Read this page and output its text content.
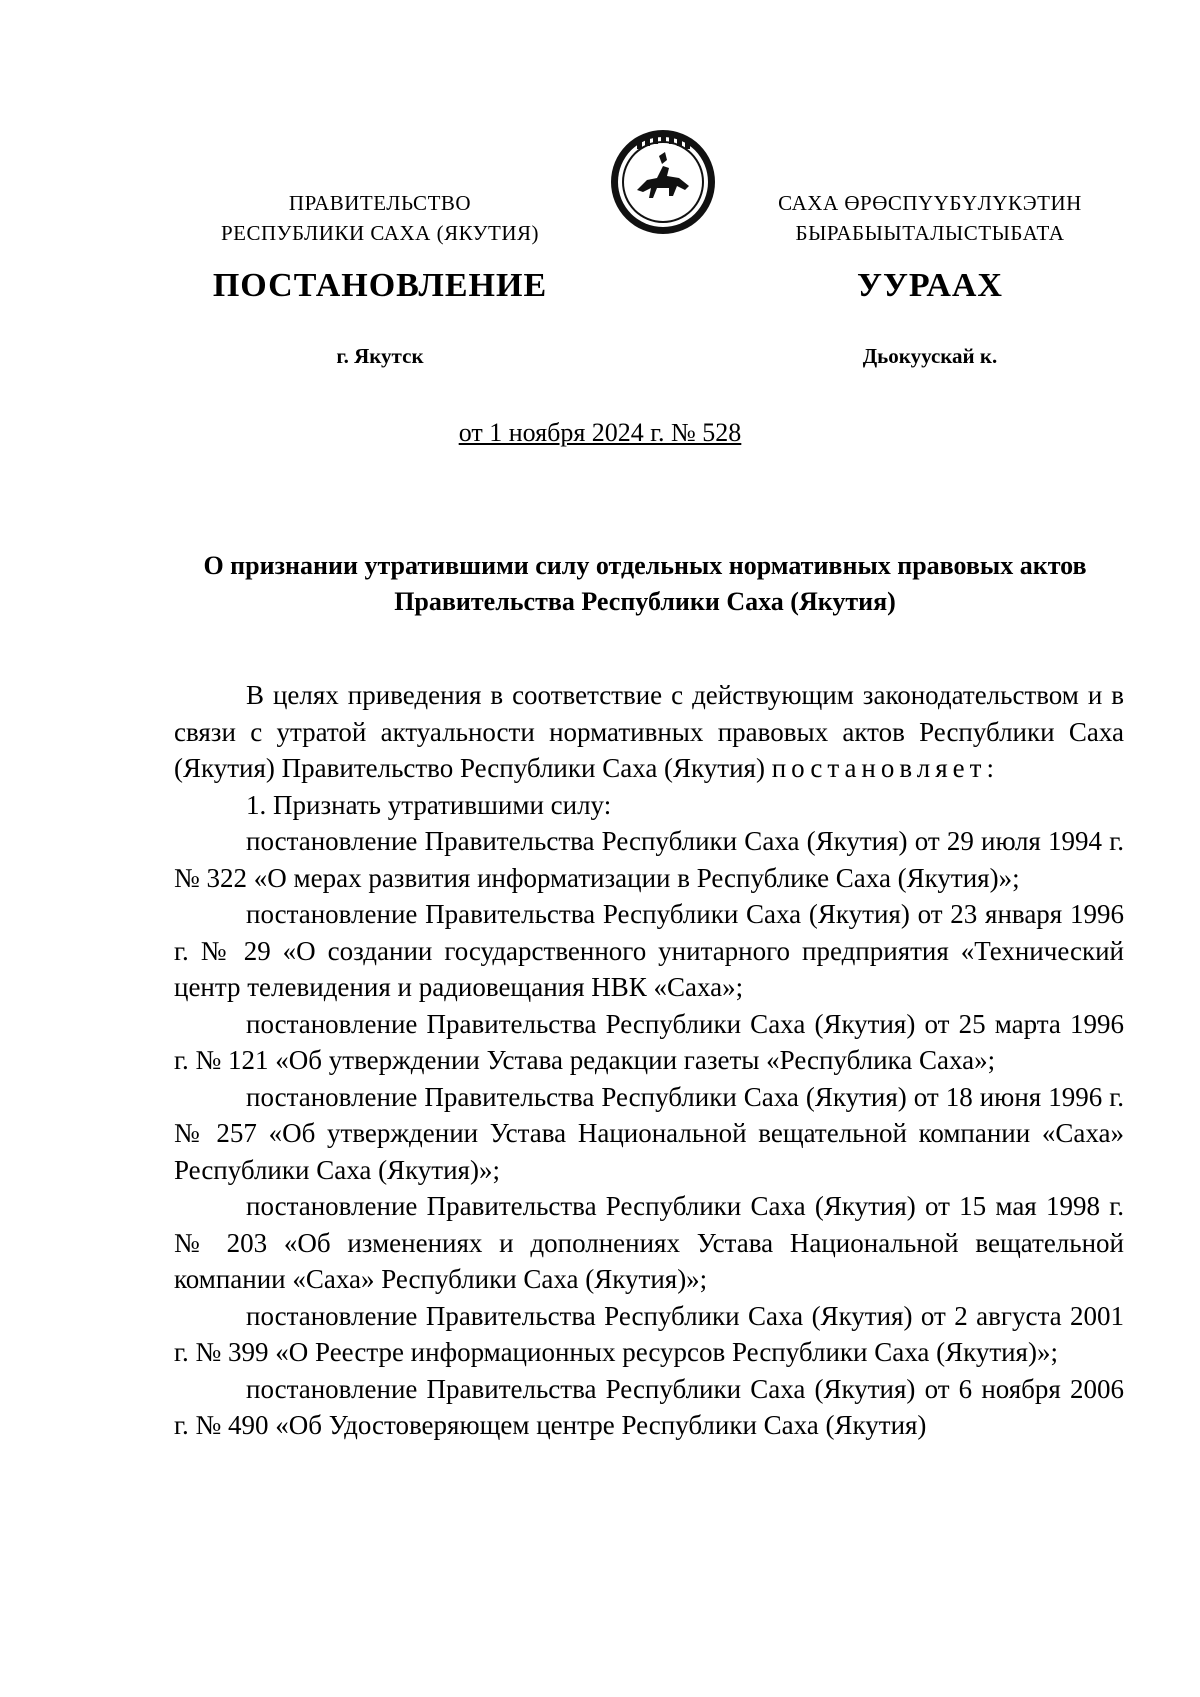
ПРАВИТЕЛЬСТВО
РЕСПУБЛИКИ САХА (ЯКУТИЯ)
САХА ӨРӨСПҮҮБҮЛҮКЭТИН
БЫРАБЫЫТАЛЫСТЫБАТА
ПОСТАНОВЛЕНИЕ	УУРААХ
г. Якутск	Дьокуускай к.
от 1 ноября 2024 г. № 528
О признании утратившими силу отдельных нормативных правовых актов Правительства Республики Саха (Якутия)

В целях приведения в соответствие с действующим законодательством и в связи с утратой актуальности нормативных правовых актов Республики Саха (Якутия) Правительство Республики Саха (Якутия) постановляет:

1. Признать утратившими силу:

постановление Правительства Республики Саха (Якутия) от 29 июля 1994 г. № 322 «О мерах развития информатизации в Республике Саха (Якутия)»;

постановление Правительства Республики Саха (Якутия) от 23 января 1996 г. № 29 «О создании государственного унитарного предприятия «Технический центр телевидения и радиовещания НВК «Саха»;

постановление Правительства Республики Саха (Якутия) от 25 марта 1996 г. № 121 «Об утверждении Устава редакции газеты «Республика Саха»;

постановление Правительства Республики Саха (Якутия) от 18 июня 1996 г. № 257 «Об утверждении Устава Национальной вещательной компании «Саха» Республики Саха (Якутия)»;

постановление Правительства Республики Саха (Якутия) от 15 мая 1998 г. № 203 «Об изменениях и дополнениях Устава Национальной вещательной компании «Саха» Республики Саха (Якутия)»;

постановление Правительства Республики Саха (Якутия) от 2 августа 2001 г. № 399 «О Реестре информационных ресурсов Республики Саха (Якутия)»;

постановление Правительства Республики Саха (Якутия) от 6 ноября 2006 г. № 490 «Об Удостоверяющем центре Республики Саха (Якутия)
